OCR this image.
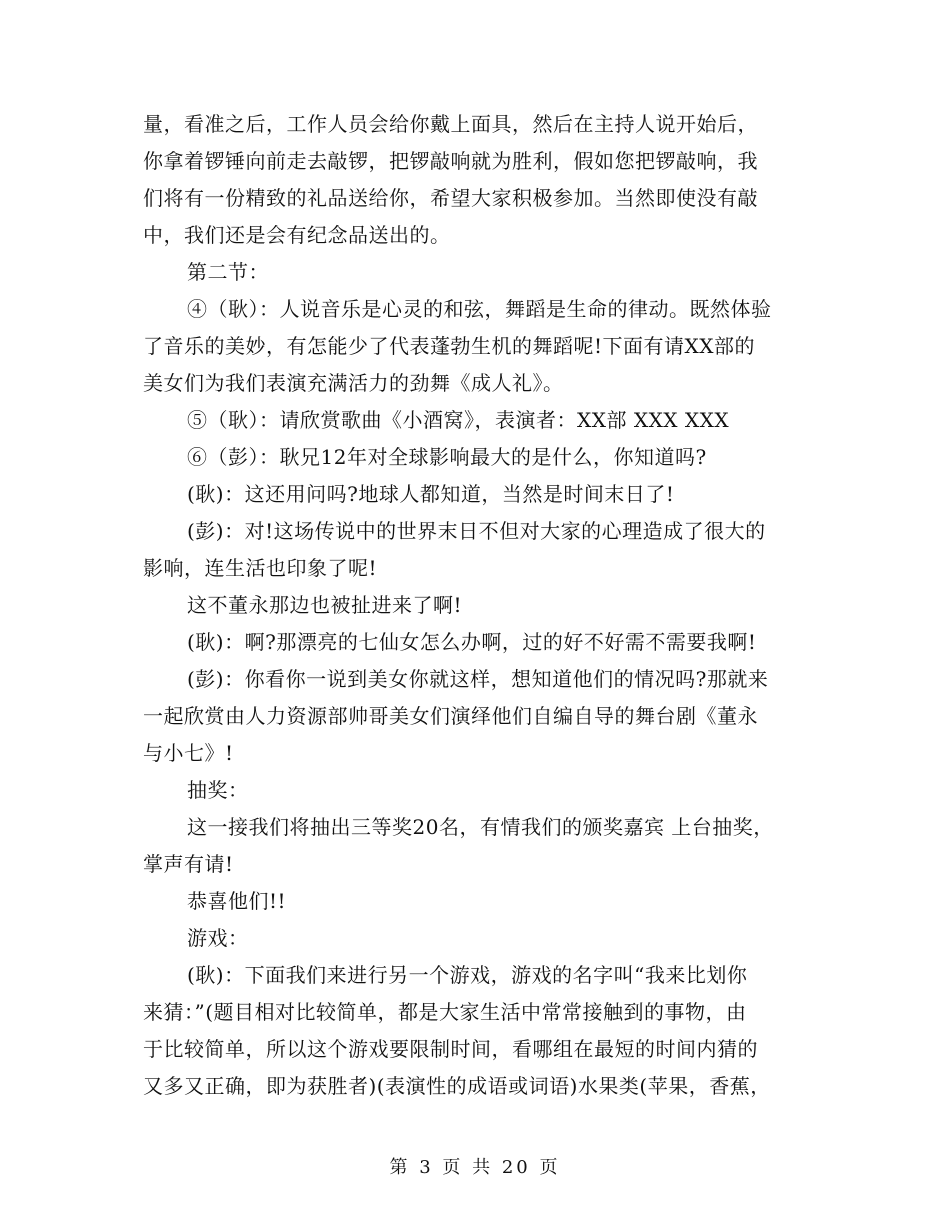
量，看准之后，工作人员会给你戴上面具，然后在主持人说开始后，
你拿着锣锤向前走去敲锣，把锣敲响就为胜利，假如您把锣敲响，我
们将有一份精致的礼品送给你，希望大家积极参加。当然即使没有敲
中，我们还是会有纪念品送出的。
第二节：
④（耿）：人说音乐是心灵的和弦，舞蹈是生命的律动。既然体验
了音乐的美妙，有怎能少了代表蓬勃生机的舞蹈呢!下面有请XX部的
美女们为我们表演充满活力的劲舞《成人礼》。
⑤（耿）：请欣赏歌曲《小酒窝》，表演者：XX部 XXX XXX
⑥（彭）：耿兄12年对全球影响最大的是什么，你知道吗?
(耿)：这还用问吗?地球人都知道，当然是时间末日了!
(彭)：对!这场传说中的世界末日不但对大家的心理造成了很大的
影响，连生活也印象了呢!
这不董永那边也被扯进来了啊!
(耿)：啊?那漂亮的七仙女怎么办啊，过的好不好需不需要我啊!
(彭)：你看你一说到美女你就这样，想知道他们的情况吗?那就来
一起欣赏由人力资源部帅哥美女们演绎他们自编自导的舞台剧《董永
与小七》!
抽奖：
这一接我们将抽出三等奖20名，有情我们的颁奖嘉宾 上台抽奖，
掌声有请!
恭喜他们!!
游戏：
(耿)：下面我们来进行另一个游戏，游戏的名字叫“我来比划你
来猜：”(题目相对比较简单，都是大家生活中常常接触到的事物，由
于比较简单，所以这个游戏要限制时间，看哪组在最短的时间内猜的
又多又正确，即为获胜者)(表演性的成语或词语)水果类(苹果，香蕉，
第 3 页 共 20 页
